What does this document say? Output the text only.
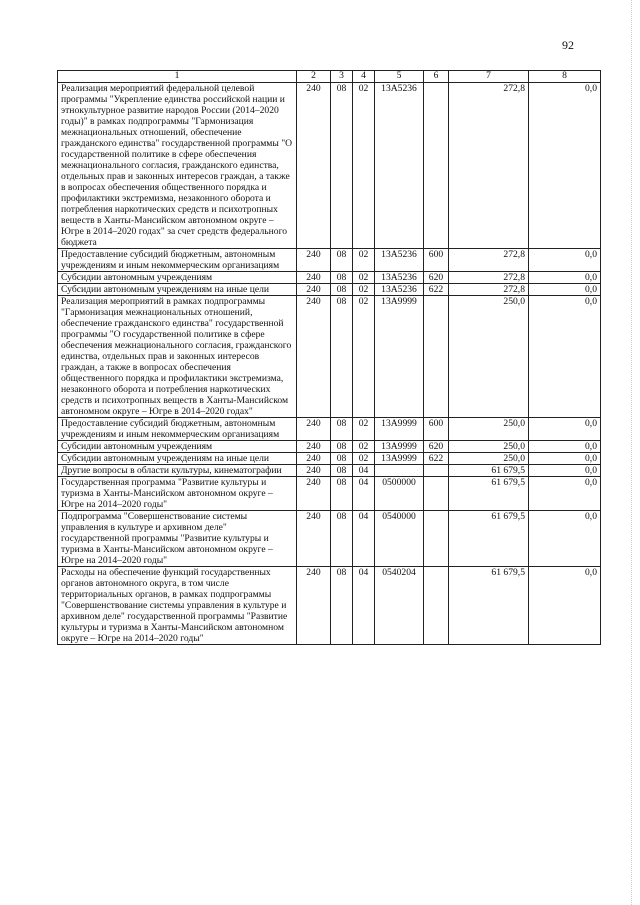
92
1	2	3	4	5	6	7	8
Реализация мероприятий федеральной целевой программы "Укрепление единства российской нации и этнокультурное развитие народов России (2014–2020 годы)" в рамках подпрограммы "Гармонизация межнациональных отношений, обеспечение гражданского единства" государственной программы "О государственной политике в сфере обеспечения межнационального согласия, гражданского единства, отдельных прав и законных интересов граждан, а также в вопросах обеспечения общественного порядка и профилактики экстремизма, незаконного оборота и потребления наркотических средств и психотропных веществ в Ханты-Мансийском автономном округе – Югре в 2014–2020 годах" за счет средств федерального бюджета	240	08	02	13А5236		272,8	0,0
Предоставление субсидий бюджетным, автономным учреждениям и иным некоммерческим организациям	240	08	02	13А5236	600	272,8	0,0
Субсидии автономным учреждениям	240	08	02	13А5236	620	272,8	0,0
Субсидии автономным учреждениям на иные цели	240	08	02	13А5236	622	272,8	0,0
Реализация мероприятий в рамках подпрограммы "Гармонизация межнациональных отношений, обеспечение гражданского единства" государственной программы "О государственной политике в сфере обеспечения межнационального согласия, гражданского единства, отдельных прав и законных интересов граждан, а также в вопросах обеспечения общественного порядка и профилактики экстремизма, незаконного оборота и потребления наркотических средств и психотропных веществ в Ханты-Мансийском автономном округе – Югре в 2014–2020 годах"	240	08	02	13А9999		250,0	0,0
Предоставление субсидий бюджетным, автономным учреждениям и иным некоммерческим организациям	240	08	02	13А9999	600	250,0	0,0
Субсидии автономным учреждениям	240	08	02	13А9999	620	250,0	0,0
Субсидии автономным учреждениям на иные цели	240	08	02	13А9999	622	250,0	0,0
Другие вопросы в области культуры, кинематографии	240	08	04			61 679,5	0,0
Государственная программа "Развитие культуры и туризма в Ханты-Мансийском автономном округе – Югре на 2014–2020 годы"	240	08	04	0500000		61 679,5	0,0
Подпрограмма "Совершенствование системы управления в культуре и архивном деле" государственной программы "Развитие культуры и туризма в Ханты-Мансийском автономном округе – Югре на 2014–2020 годы"	240	08	04	0540000		61 679,5	0,0
Расходы на обеспечение функций государственных органов автономного округа, в том числе территориальных органов, в рамках подпрограммы "Совершенствование системы управления в культуре и архивном деле" государственной программы "Развитие культуры и туризма в Ханты-Мансийском автономном округе – Югре на 2014–2020 годы"	240	08	04	0540204		61 679,5	0,0
